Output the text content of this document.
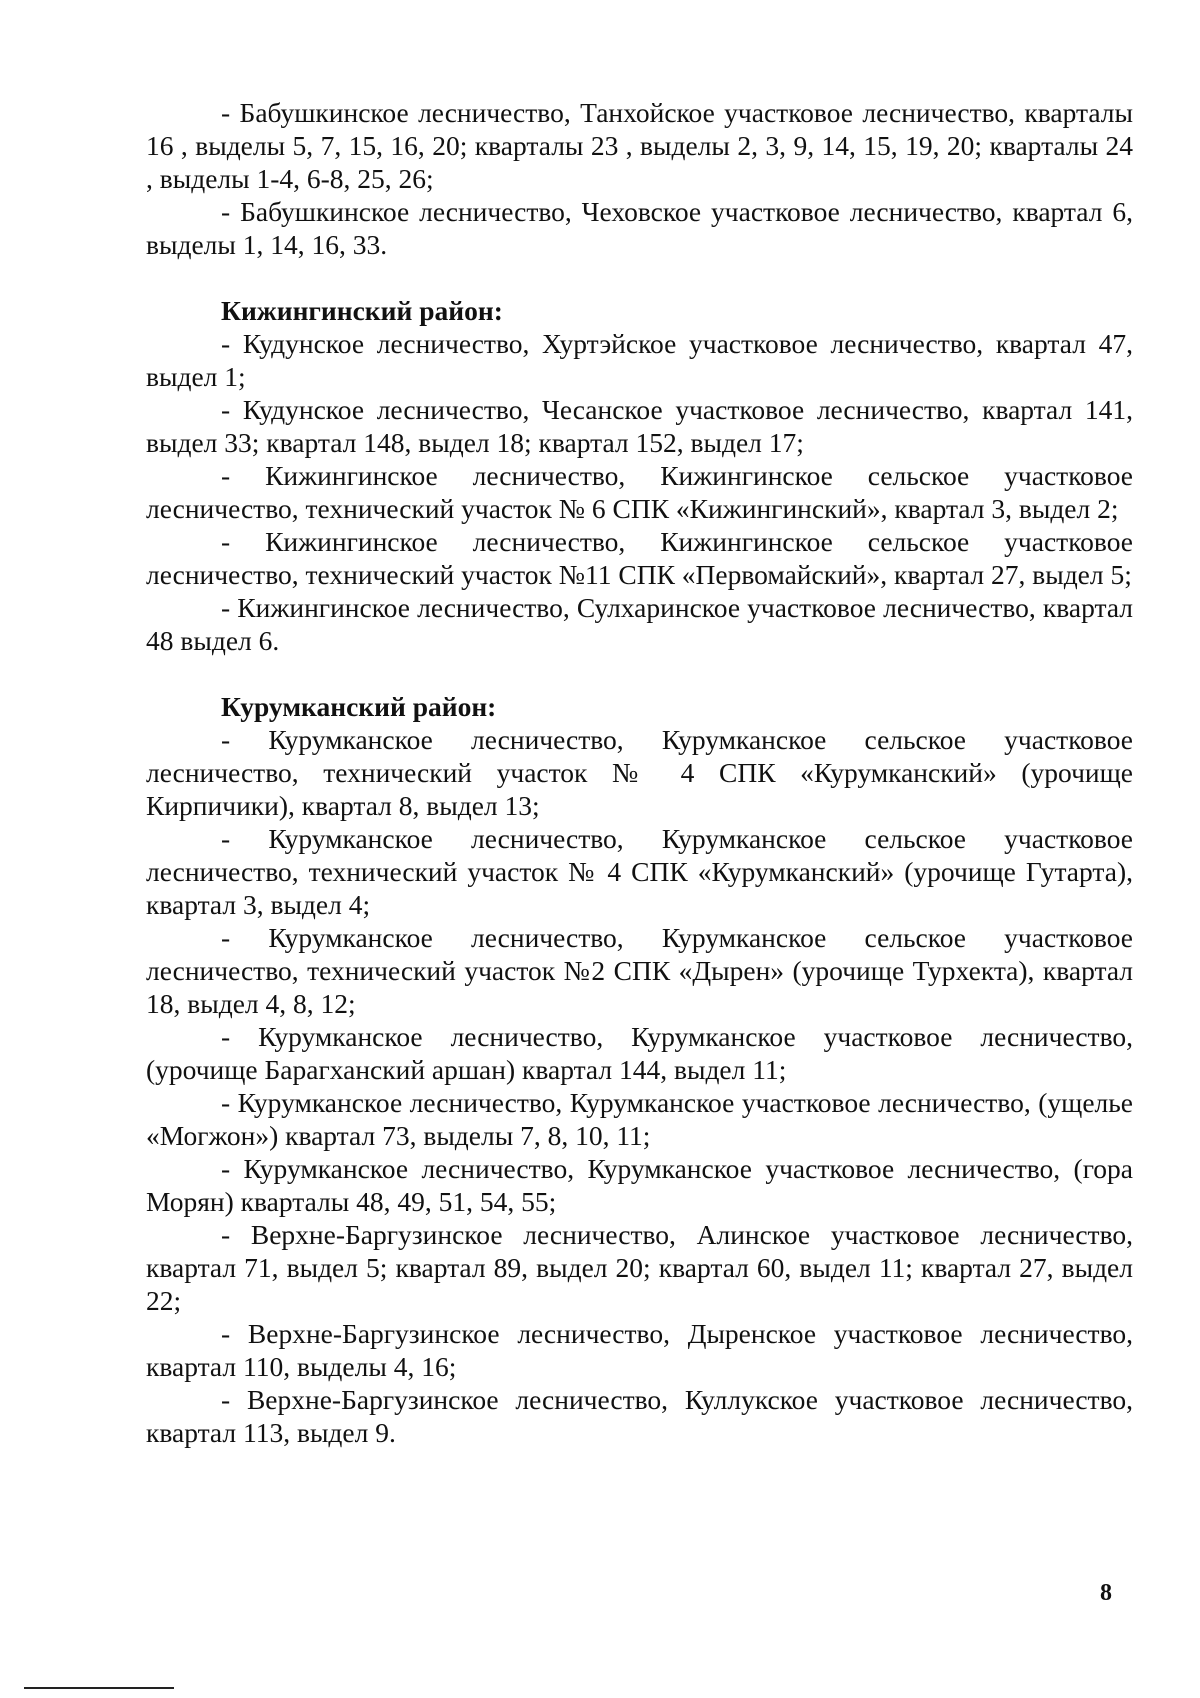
- Бабушкинское лесничество, Танхойское участковое лесничество, кварталы 16 , выделы 5, 7, 15, 16, 20; кварталы 23 , выделы 2, 3, 9, 14, 15, 19, 20; кварталы 24 , выделы 1-4, 6-8, 25, 26;

- Бабушкинское лесничество, Чеховское участковое лесничество, квартал 6, выделы 1, 14, 16, 33.

Кижингинский район:

- Кудунское лесничество, Хуртэйское участковое лесничество, квартал 47, выдел 1;

- Кудунское лесничество, Чесанское участковое лесничество, квартал 141, выдел 33; квартал 148, выдел 18; квартал 152, выдел 17;

- Кижингинское лесничество, Кижингинское сельское участковое лесничество, технический участок № 6 СПК «Кижингинский», квартал 3, выдел 2;

- Кижингинское лесничество, Кижингинское сельское участковое лесничество, технический участок №11 СПК «Первомайский», квартал 27, выдел 5;

- Кижингинское лесничество, Сулхаринское участковое лесничество, квартал 48 выдел 6.

Курумканский район:

- Курумканское лесничество, Курумканское сельское участковое лесничество, технический участок № 4 СПК «Курумканский» (урочище Кирпичики), квартал 8, выдел 13;

- Курумканское лесничество, Курумканское сельское участковое лесничество, технический участок № 4 СПК «Курумканский» (урочище Гутарта), квартал 3, выдел 4;

- Курумканское лесничество, Курумканское сельское участковое лесничество, технический участок №2 СПК «Дырен» (урочище Турхекта), квартал 18, выдел 4, 8, 12;

- Курумканское лесничество, Курумканское участковое лесничество, (урочище Барагханский аршан) квартал 144, выдел 11;

- Курумканское лесничество, Курумканское участковое лесничество, (ущелье «Могжон») квартал 73, выделы 7, 8, 10, 11;

- Курумканское лесничество, Курумканское участковое лесничество, (гора Морян) кварталы 48, 49, 51, 54, 55;

- Верхне-Баргузинское лесничество, Алинское участковое лесничество, квартал 71, выдел 5; квартал 89, выдел 20; квартал 60, выдел 11; квартал 27, выдел 22;

- Верхне-Баргузинское лесничество, Дыренское участковое лесничество, квартал 110, выделы 4, 16;

- Верхне-Баргузинское лесничество, Куллукское участковое лесничество, квартал 113, выдел 9.

8
